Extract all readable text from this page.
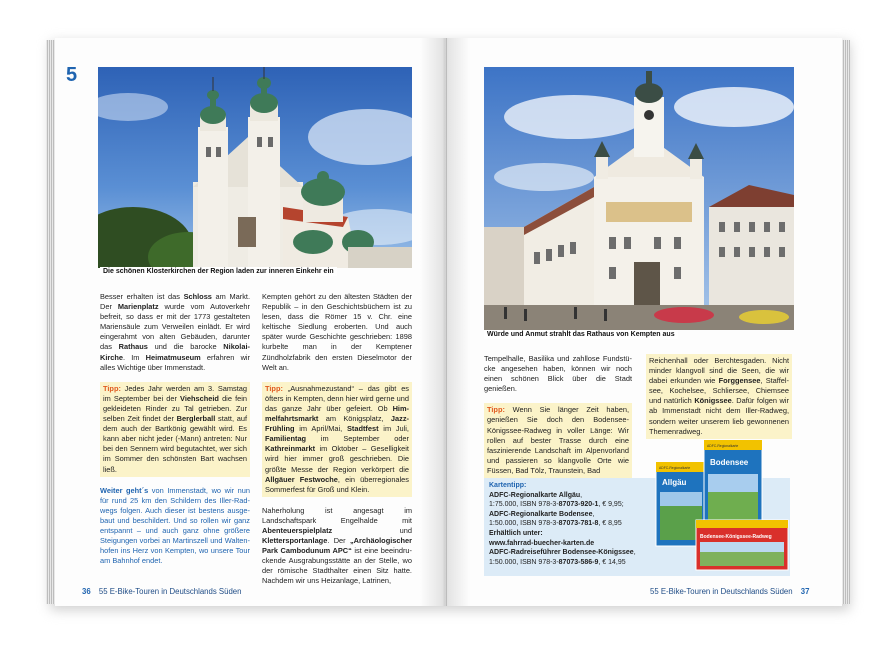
5
Die schönen Klosterkirchen der Region laden zur inneren Einkehr ein
Würde und Anmut strahlt das Rathaus von Kempten aus

Besser erhalten ist das Schloss am Markt. Der Marienplatz wurde vom Autoverkehr befreit, so dass er mit der 1773 gestalteten Mariensäule zum Verweilen einlädt. Er wird eingerahmt von alten Gebäuden, darunter das Rathaus und die barocke Nikolai-Kirche. Im Heimatmuseum erfahren wir alles Wichtige über Immenstadt.

Tipp: Jedes Jahr werden am 3. Samstag im September bei der Viehscheid die fein gekleideten Rinder zu Tal getrieben. Zur selben Zeit findet der Berglerball statt, auf dem auch der Bartkönig gewählt wird. Es kann aber nicht jeder (-Mann) antreten: Nur bei den Sennern wird begutachtet, wer sich im Sommer den schönsten Bart wachsen ließ.

Weiter geht´s von Immenstadt, wo wir nun für rund 25 km den Schildern des Iller-Radwegs folgen. Auch dieser ist bestens ausgebaut und beschildert. Und so rollen wir ganz entspannt – und auch ganz ohne größere Steigungen vorbei an Martinszell und Waltenhofen ins Herz von Kempten, wo unsere Tour am Bahnhof endet.

Kempten gehört zu den ältesten Städten der Republik – in den Geschichtsbüchern ist zu lesen, dass die Römer 15 v. Chr. eine keltische Siedlung eroberten. Und auch später wurde Geschichte geschrieben: 1898 kurbelte man in der Kemptener Zündholzfabrik den ersten Dieselmotor der Welt an.

Tipp: „Ausnahmezustand“ – das gibt es öfters in Kempten, denn hier wird gerne und das ganze Jahr über gefeiert. Ob Himmelfahrtsmarkt am Königsplatz, Jazz-Frühling im April/Mai, Stadtfest im Juli, Familientag im September oder Kathreinmarkt im Oktober – Geselligkeit wird hier immer groß geschrieben. Die größte Messe der Region verkörpert die Allgäuer Festwoche, ein überregionales Sommerfest für Groß und Klein.

Naherholung ist angesagt im Landschaftspark Engelhalde mit Abenteuerspielplatz und Klettersportanlage. Der „Archäologischer Park Cambodunum APC“ ist eine beeindruckende Ausgrabungsstätte an der Stelle, wo der römische Stadthalter einen Sitz hatte. Nachdem wir uns Heizanlage, Latrinen,

Tempelhalle, Basilika und zahllose Fundstücke angesehen haben, können wir noch einen schönen Blick über die Stadt genießen.

Tipp: Wenn Sie länger Zeit haben, genießen Sie doch den Bodensee-Königssee-Radweg in voller Länge: Wir rollen auf bester Trasse durch eine faszinierende Landschaft im Alpenvorland und passieren so klangvolle Orte wie Füssen, Bad Tölz, Traunstein, Bad
Reichenhall oder Berchtesgaden. Nicht minder klangvoll sind die Seen, die wir dabei erkunden wie Forggensee, Staffelsee, Kochelsee, Schliersee, Chiemsee und natürlich Königssee. Dafür folgen wir ab Immenstadt nicht dem Iller-Radweg, sondern weiter unserem lieb gewonnenen Themenradweg.
Kartentipp:
ADFC-Regionalkarte Allgäu,
1:75.000, ISBN 978-3-87073-920-1, € 9,95;
ADFC-Regionalkarte Bodensee,
1:50.000, ISBN 978-3-87073-781-8, € 8,95
Erhältlich unter:
www.fahrrad-buecher-karten.de
ADFC-Radreiseführer Bodensee-Königssee,
1:50.000, ISBN 978-3-87073-586-9, € 14,95
ADFC-Regionalkarte
Allgäu
ADFC-Regionalkarte
Bodensee
Bodensee-Königssee-Radweg
36 55 E-Bike-Touren in Deutschlands Süden	55 E-Bike-Touren in Deutschlands Süden 37
